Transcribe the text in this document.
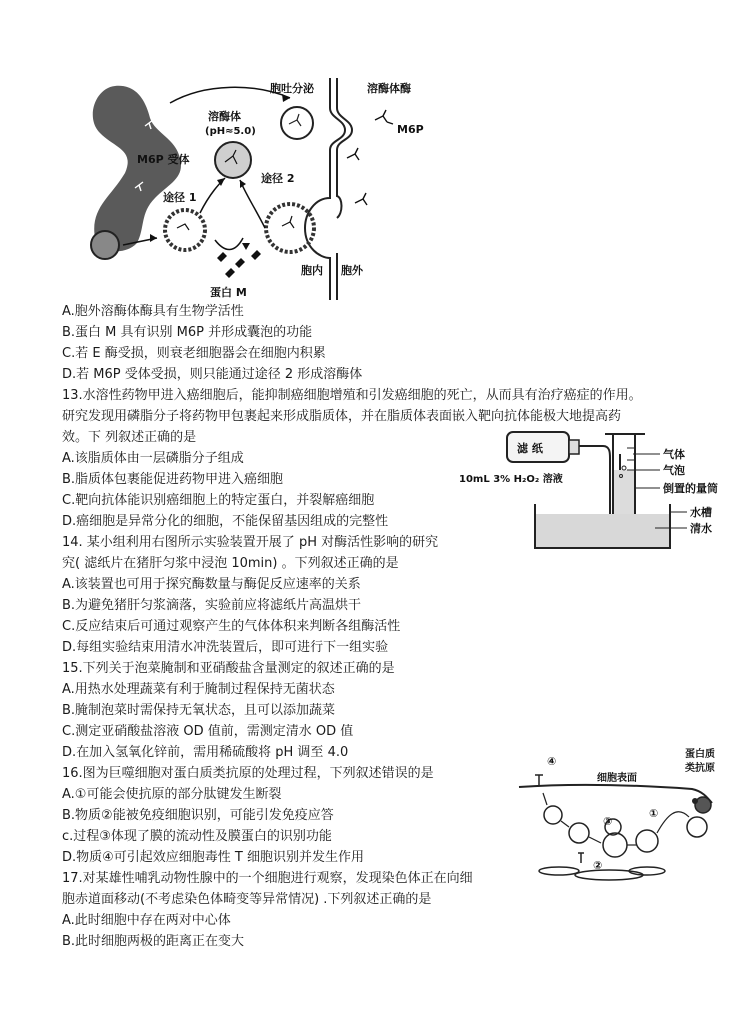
胞吐分泌	溶酶体酶
溶酶体
(pH≈5.0)	M6P
M6P 受体
途径 1
途径 2
蛋白 M
胞内 胞外
A.胞外溶酶体酶具有生物学活性
B.蛋白 M 具有识别 M6P 并形成囊泡的功能
C.若 E 酶受损，则衰老细胞器会在细胞内积累
D.若 M6P 受体受损，则只能通过途径 2 形成溶酶体
13.水溶性药物甲进入癌细胞后，能抑制癌细胞增殖和引发癌细胞的死亡，从而具有治疗癌症的作用。
研究发现用磷脂分子将药物甲包裹起来形成脂质体，并在脂质体表面嵌入靶向抗体能极大地提高药
效。下 列叙述正确的是
A.该脂质体由一层磷脂分子组成
B.脂质体包裹能促进药物甲进入癌细胞
C.靶向抗体能识别癌细胞上的特定蛋白，并裂解癌细胞
D.癌细胞是异常分化的细胞，不能保留基因组成的完整性
滤 纸
10mL 3% H₂O₂ 溶液
气体
气泡
倒置的量筒
水槽
清水
14. 某小组利用右图所示实验装置开展了 pH 对酶活性影响的研究
究( 滤纸片在猪肝匀浆中浸泡 10min) 。下列叙述正确的是
A.该装置也可用于探究酶数量与酶促反应速率的关系
B.为避免猪肝匀浆滴落，实验前应将滤纸片高温烘干
C.反应结束后可通过观察产生的气体体积来判断各组酶活性
D.每组实验结束用清水冲洗装置后，即可进行下一组实验
15.下列关于泡菜腌制和亚硝酸盐含量测定的叙述正确的是
A.用热水处理蔬菜有利于腌制过程保持无菌状态
B.腌制泡菜时需保持无氧状态，且可以添加蔬菜
C.测定亚硝酸盐溶液 OD 值前，需测定清水 OD 值
D.在加入氢氧化锌前，需用稀硫酸将 pH 调至 4.0	蛋白质
类抗原
细胞表面
④
①
③
②
16.图为巨噬细胞对蛋白质类抗原的处理过程，下列叙述错误的是
A.①可能会使抗原的部分肽键发生断裂
B.物质②能被免疫细胞识别，可能引发免疫应答
c.过程③体现了膜的流动性及膜蛋白的识别功能
D.物质④可引起效应细胞毒性 T 细胞识别并发生作用
17.对某雄性哺乳动物性腺中的一个细胞进行观察，发现染色体正在向细
胞赤道面移动(不考虑染色体畸变等异常情况) .下列叙述正确的是
A.此时细胞中存在两对中心体
B.此时细胞两极的距离正在变大
